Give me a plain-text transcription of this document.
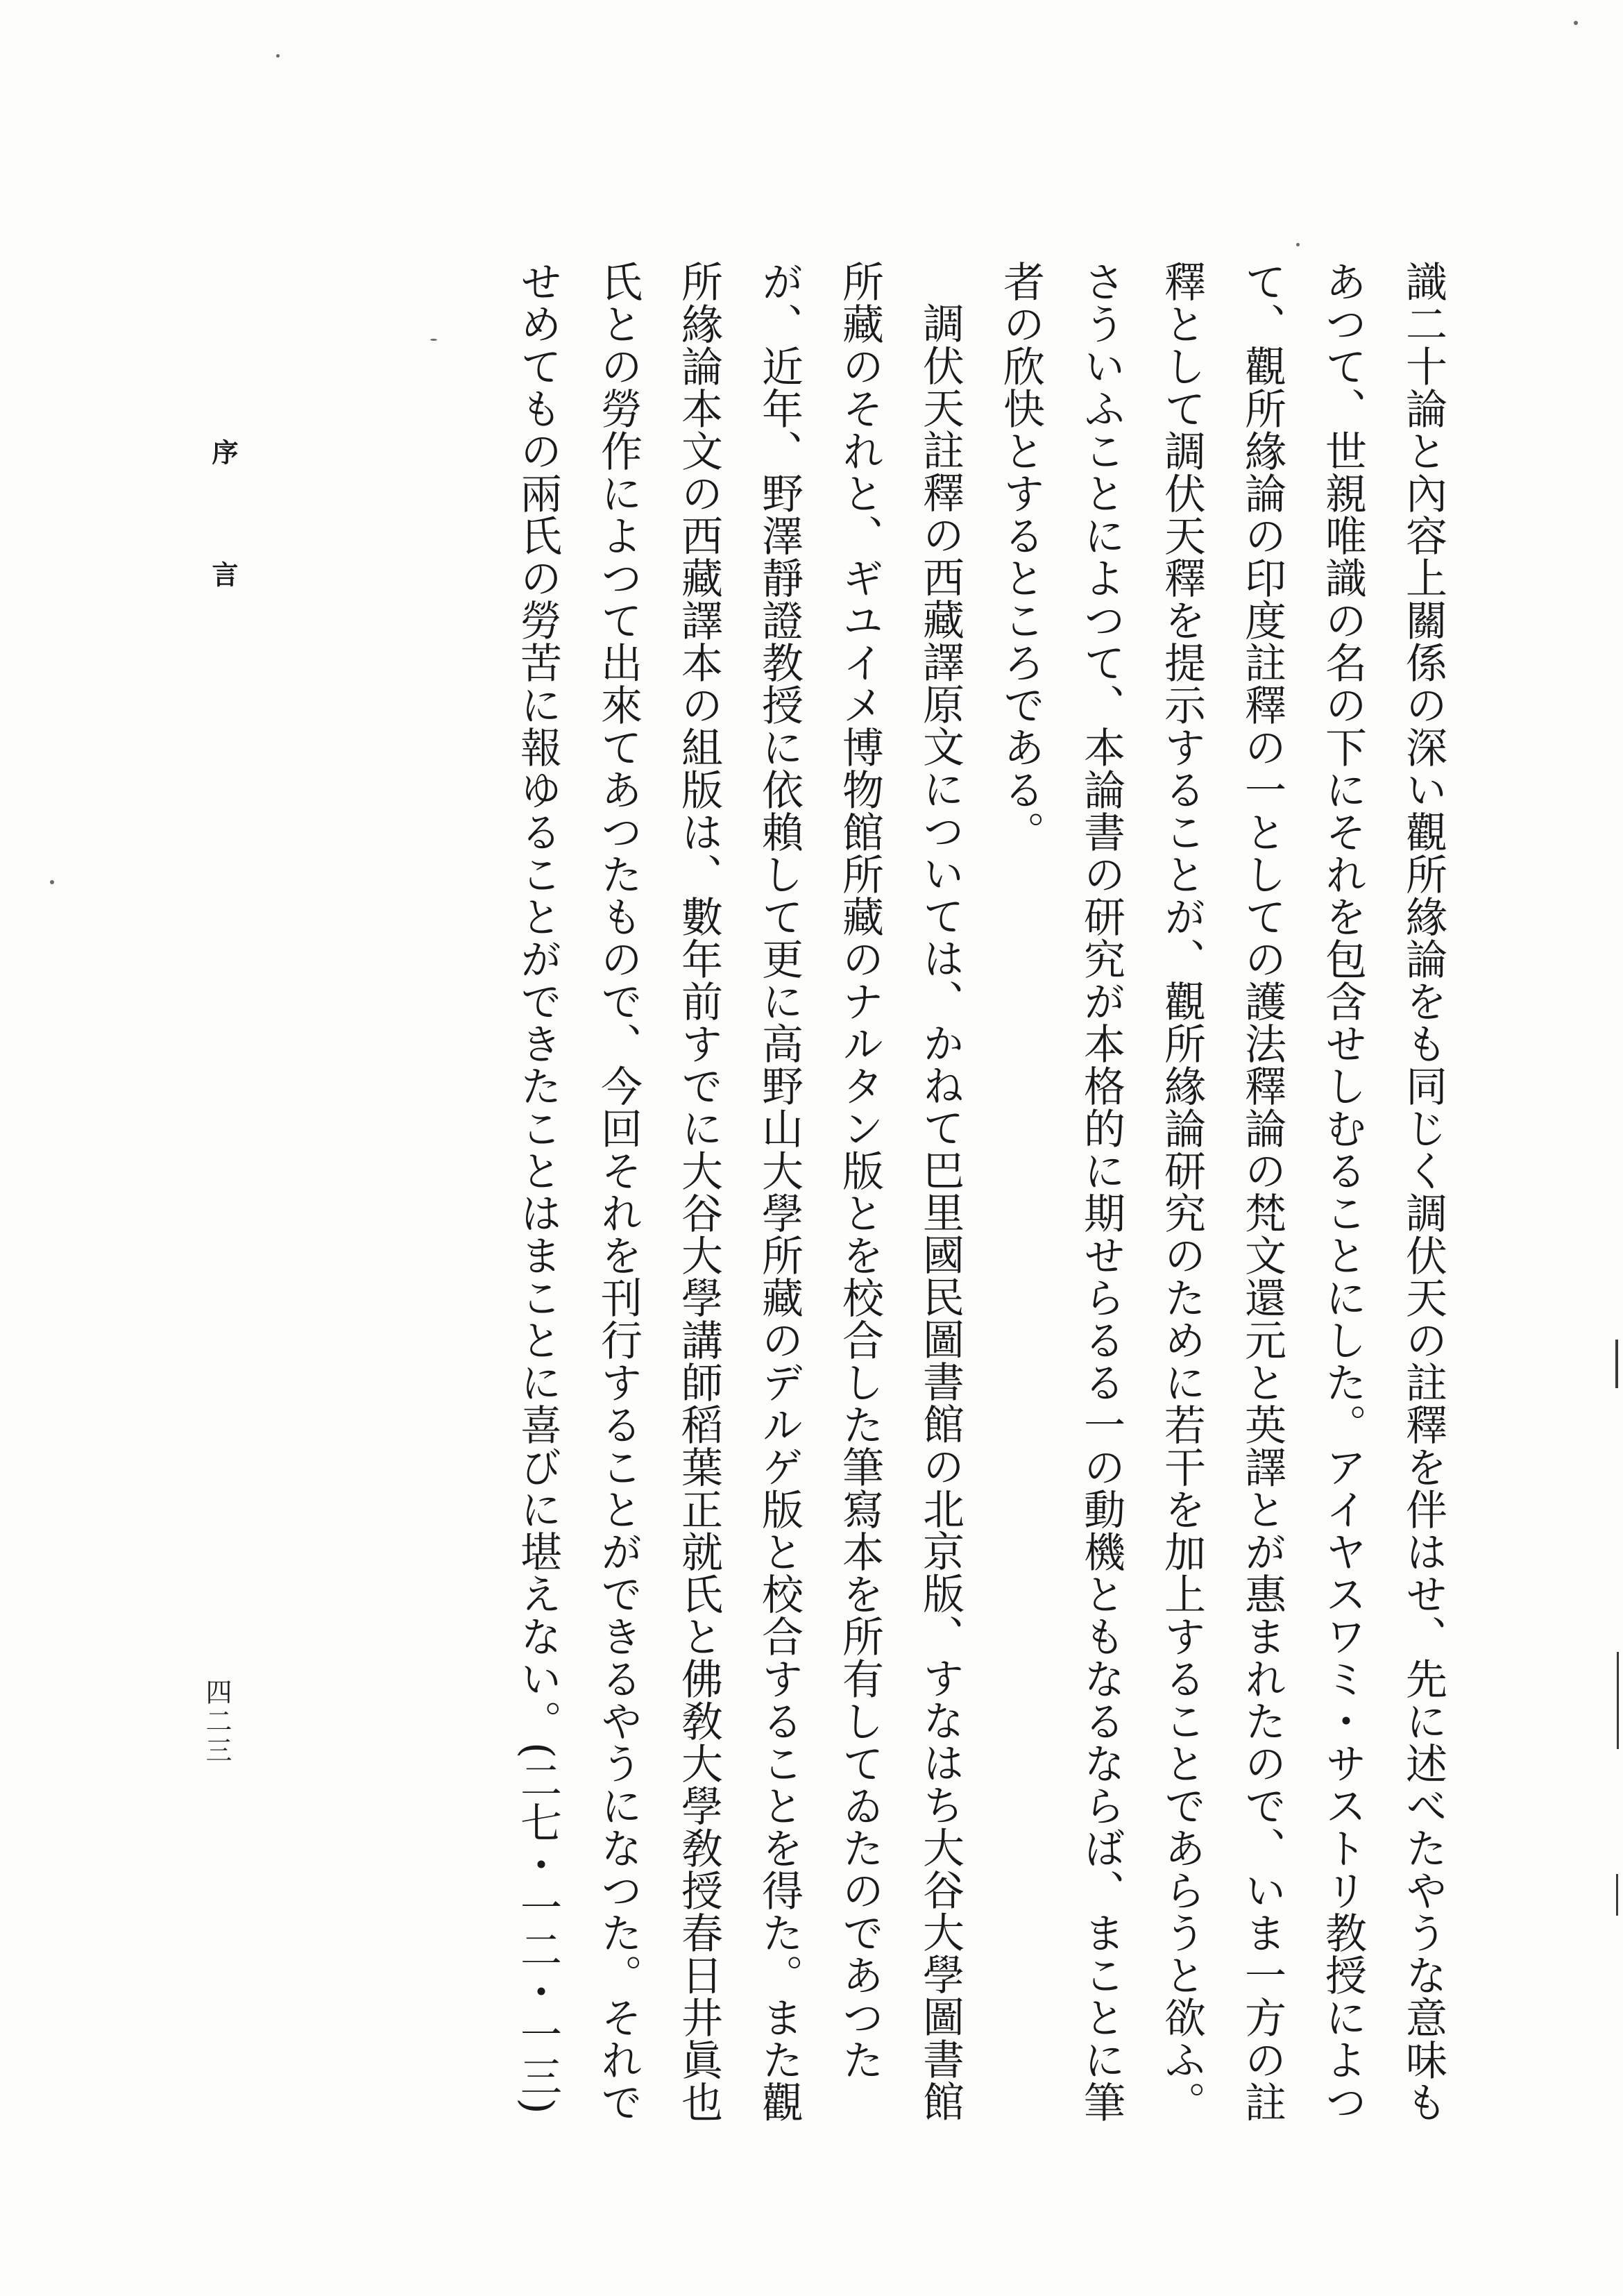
識二十論と內容上關係の深い觀所緣論をも同じく調伏天の註釋を伴はせ、先に述べたやうな意味もあつて、世親唯識の名の下にそれを包含せしむることにした。アイヤスワミ・サストリ教授によつて、觀所緣論の印度註釋の一としての護法釋論の梵文還元と英譯とが惠まれたので、いま一方の註釋として調伏天釋を提示することが、觀所緣論研究のために若干を加上することであらうと欲ふ。さういふことによつて、本論書の研究が本格的に期せらるる一の動機ともなるならば、まことに筆者の欣快とするところである。

調伏天註釋の西藏譯原文については、かねて巴里國民圖書館の北京版、すなはち大谷大學圖書館所藏のそれと、ギユイメ博物館所藏のナルタン版とを校合した筆寫本を所有してゐたのであつたが、近年、野澤靜證教授に依賴して更に高野山大學所藏のデルゲ版と校合することを得た。また觀所緣論本文の西藏譯本の組版は、數年前すでに大谷大學講師稻葉正就氏と佛敎大學敎授春日井眞也氏との勞作によつて出來てあつたもので、今回それを刊行することができるやうになつた。それでせめてもの兩氏の勞苦に報ゆることができたことはまことに喜びに堪えない。(二七・一二・一三)

序言
四二三
